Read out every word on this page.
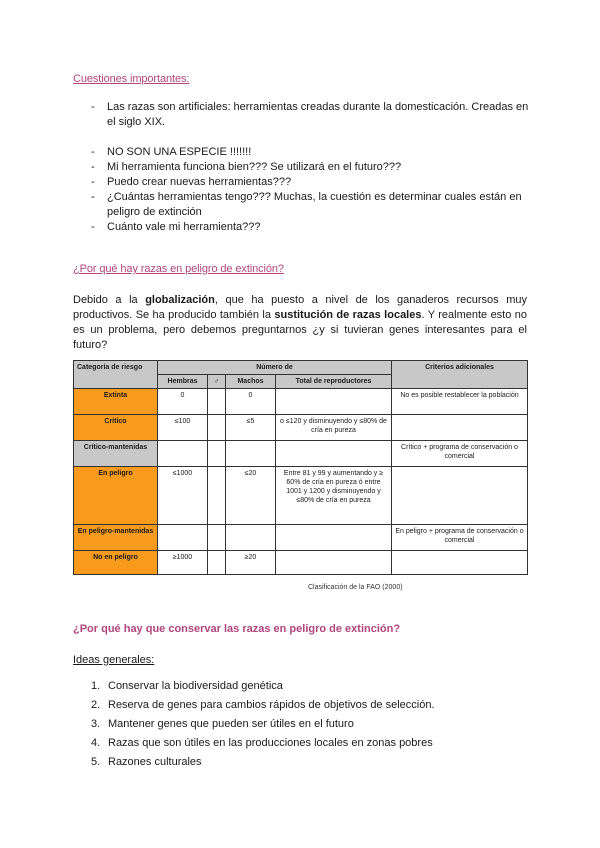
Cuestiones importantes:
- Las razas son artificiales: herramientas creadas durante la domesticación. Creadas en el siglo XIX.
- NO SON UNA ESPECIE !!!!!!!
- Mi herramienta funciona bien??? Se utilizará en el futuro???
- Puedo crear nuevas herramientas???
- ¿Cuántas herramientas tengo??? Muchas, la cuestión es determinar cuales están en peligro de extinción
- Cuánto vale mi herramienta???
¿Por qué hay razas en peligro de extinción?
Debido a la globalización, que ha puesto a nivel de los ganaderos recursos muy productivos. Se ha producido también la sustitución de razas locales. Y realmente esto no es un problema, pero debemos preguntarnos ¿y si tuvieran genes interesantes para el futuro?
Categoría de riesgo	Número de				Criterios adicionales
	Hembras	♂	Machos	Total de reproductores	
Extinta	0		0		No es posible restablecer la población
Crítico	≤100		≤5	o ≤120 y disminuyendo y ≤80% de cría en pureza	
Crítico-mantenidas					Crítico + programa de conservación o comercial
En peligro	≤1000		≤20	Entre 81 y 99 y aumentando y ≥ 60% de cría en pureza ó entre 1001 y 1200 y disminuyendo y ≤80% de cría en pureza	
En peligro-mantenidas					En peligro + programa de conservación o comercial
No en peligro	≥1000		≥20		
Clasificación de la FAO (2000)
¿Por qué hay que conservar las razas en peligro de extinción?
Ideas generales:
1. Conservar la biodiversidad genética
2. Reserva de genes para cambios rápidos de objetivos de selección.
3. Mantener genes que pueden ser útiles en el futuro
4. Razas que son útiles en las producciones locales en zonas pobres
5. Razones culturales
